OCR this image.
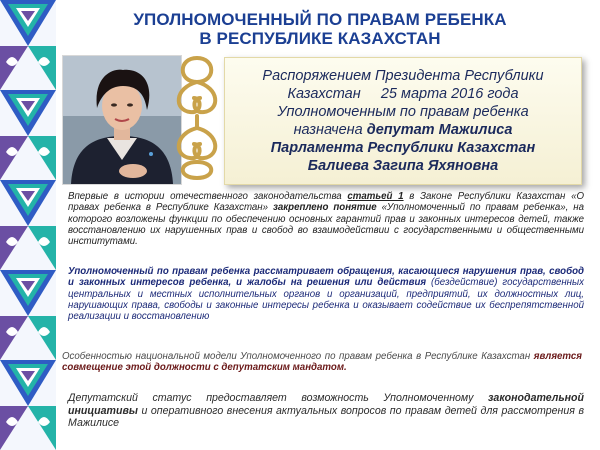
УПОЛНОМОЧЕННЫЙ ПО ПРАВАМ РЕБЕНКА
В РЕСПУБЛИКЕ КАЗАХСТАН
Распоряжением Президента Республики
Казахстан     25 марта 2016 года
Уполномоченным по правам ребенка
назначена депутат Мажилиса
Парламента Республики Казахстан
Балиева Загипа Яхяновна
Впервые в истории отечественного законодательства статьей 1 в Законе Республики Казахстан «О правах ребенка в Республике Казахстан» закреплено понятие «Уполномоченный по правам ребенка», на которого возложены функции по обеспечению основных гарантий прав и законных интересов детей, также восстановлению их нарушенных прав и свобод во взаимодействии с государственными и общественными институтами.
Уполномоченный по правам ребенка рассматривает обращения, касающиеся нарушения прав, свобод и законных интересов ребенка, и жалобы на решения или действия (бездействие) государственных центральных и местных исполнительных органов и организаций, предприятий, их должностных лиц, нарушающих права, свободы и законные интересы ребенка и оказывает содействие их беспрепятственной реализации и восстановлению
Особенностью национальной модели Уполномоченного по правам ребенка в Республике Казахстан является совмещение этой должности с депутатским мандатом.
Депутатский статус предоставляет возможность Уполномоченному законодательной инициативы и оперативного внесения актуальных вопросов по правам детей для рассмотрения в Мажилисе
